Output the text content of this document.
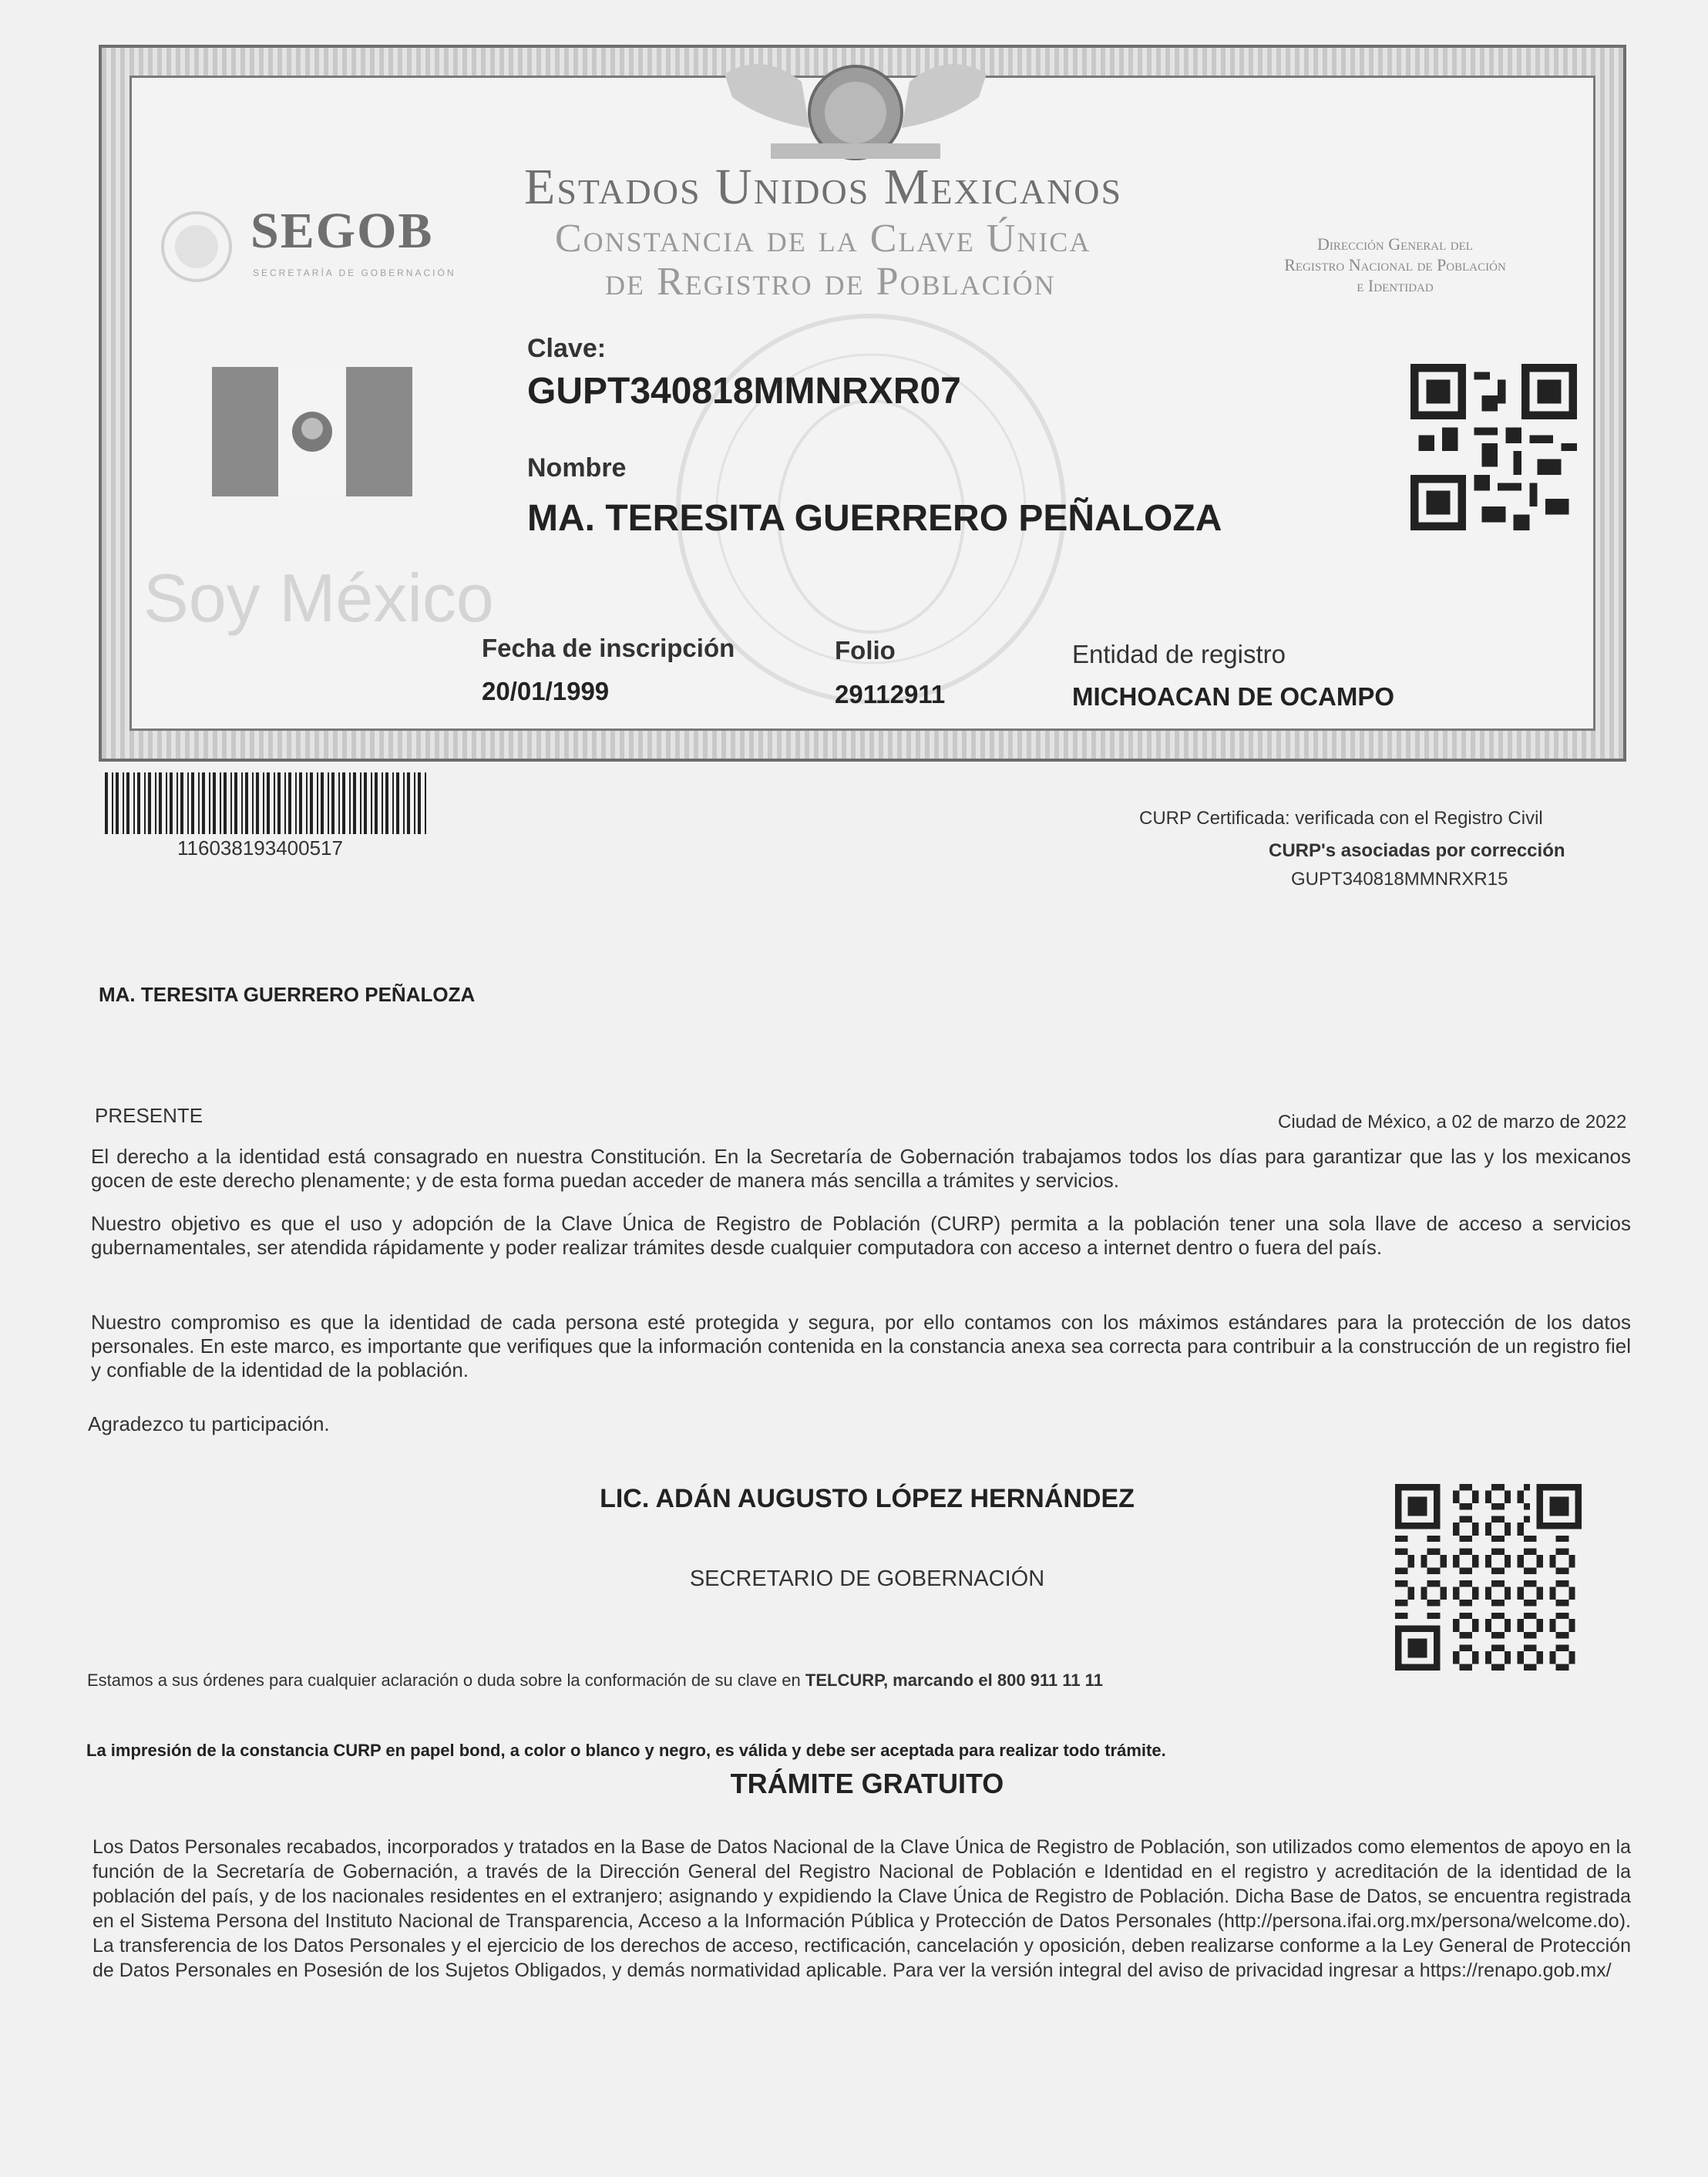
Estados Unidos Mexicanos
Constancia de la Clave Única
de Registro de Población
SEGOB
SECRETARÍA DE GOBERNACIÓN
Dirección General del
Registro Nacional de Población
e Identidad
Soy México
Clave:
GUPT340818MMNRXR07
Nombre
MA. TERESITA GUERRERO PEÑALOZA
Fecha de inscripción
20/01/1999
Folio
29112911
Entidad de registro
MICHOACAN DE OCAMPO
116038193400517
CURP Certificada: verificada con el Registro Civil
CURP's asociadas por corrección
GUPT340818MMNRXR15
MA. TERESITA GUERRERO PEÑALOZA
PRESENTE	Ciudad de México, a 02 de marzo de 2022
El derecho a la identidad está consagrado en nuestra Constitución. En la Secretaría de Gobernación trabajamos todos los días para garantizar que las y los mexicanos gocen de este derecho plenamente; y de esta forma puedan acceder de manera más sencilla a trámites y servicios.
Nuestro objetivo es que el uso y adopción de la Clave Única de Registro de Población (CURP) permita a la población tener una sola llave de acceso a servicios gubernamentales, ser atendida rápidamente y poder realizar trámites desde cualquier computadora con acceso a internet dentro o fuera del país.
Nuestro compromiso es que la identidad de cada persona esté protegida y segura, por ello contamos con los máximos estándares para la protección de los datos personales. En este marco, es importante que verifiques que la información contenida en la constancia anexa sea correcta para contribuir a la construcción de un registro fiel y confiable de la identidad de la población.
Agradezco tu participación.
LIC. ADÁN AUGUSTO LÓPEZ HERNÁNDEZ
SECRETARIO DE GOBERNACIÓN
Estamos a sus órdenes para cualquier aclaración o duda sobre la conformación de su clave en TELCURP, marcando el 800 911 11 11
La impresión de la constancia CURP en papel bond, a color o blanco y negro, es válida y debe ser aceptada para realizar todo trámite.
TRÁMITE GRATUITO
Los Datos Personales recabados, incorporados y tratados en la Base de Datos Nacional de la Clave Única de Registro de Población, son utilizados como elementos de apoyo en la función de la Secretaría de Gobernación, a través de la Dirección General del Registro Nacional de Población e Identidad en el registro y acreditación de la identidad de la población del país, y de los nacionales residentes en el extranjero; asignando y expidiendo la Clave Única de Registro de Población. Dicha Base de Datos, se encuentra registrada en el Sistema Persona del Instituto Nacional de Transparencia, Acceso a la Información Pública y Protección de Datos Personales (http://persona.ifai.org.mx/persona/welcome.do). La transferencia de los Datos Personales y el ejercicio de los derechos de acceso, rectificación, cancelación y oposición, deben realizarse conforme a la Ley General de Protección de Datos Personales en Posesión de los Sujetos Obligados, y demás normatividad aplicable. Para ver la versión integral del aviso de privacidad ingresar a https://renapo.gob.mx/
